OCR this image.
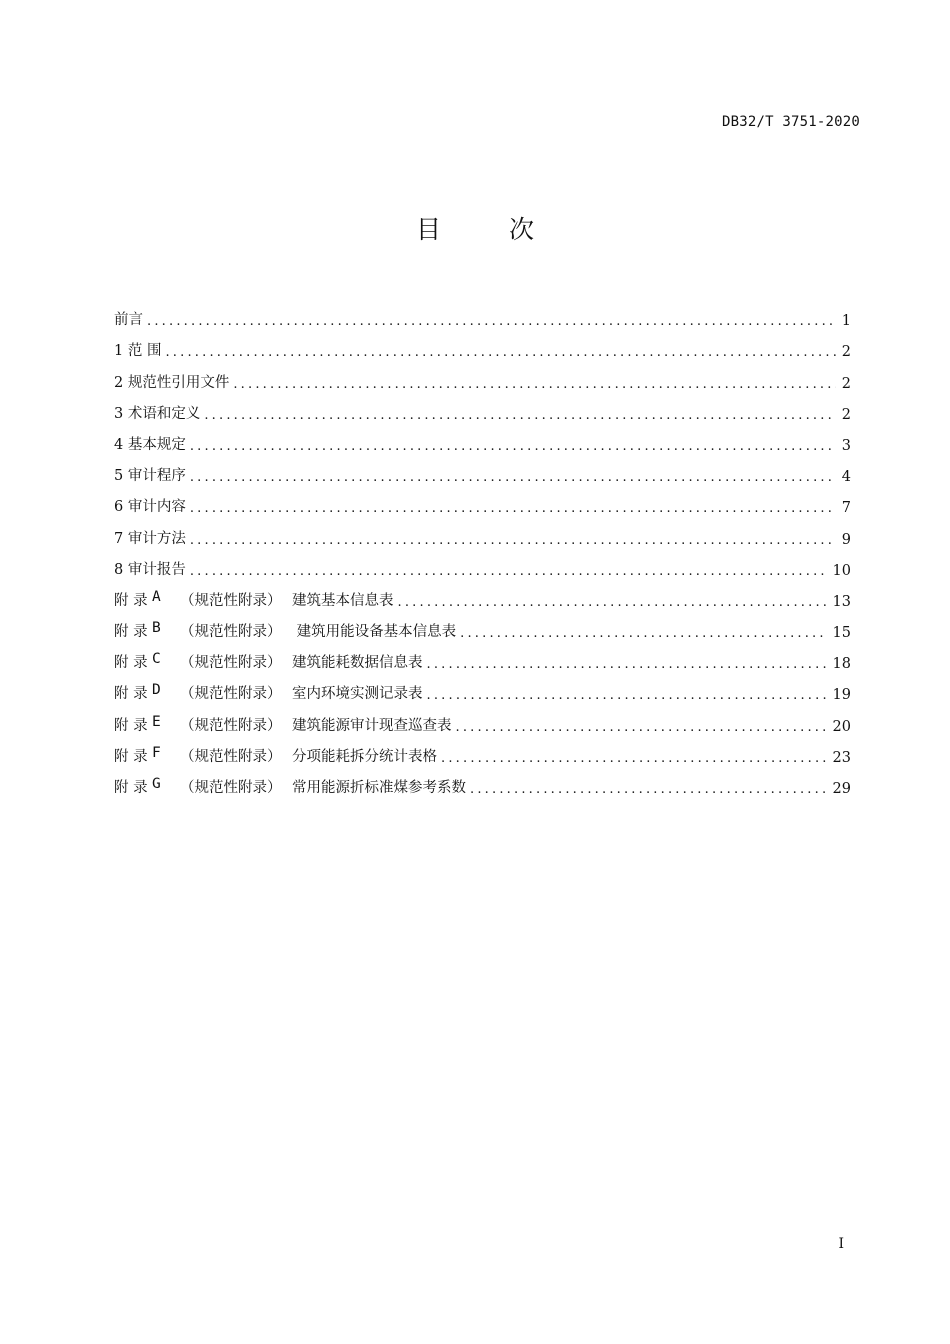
DB32/T 3751-2020
目	次
前言 .....	1
1 范 围 .....	2
2 规范性引用文件 .....	2
3 术语和定义 .....	2
4 基本规定 .....	3
5 审计程序 .....	4
6 审计内容 .....	7
7 审计方法 .....	9
8 审计报告 .....	10
附 录 A	（规范性附录） 建筑基本信息表 .....	13
附 录 B	（规范性附录） 建筑用能设备基本信息表 .....	15
附 录 C	（规范性附录） 建筑能耗数据信息表 .....	18
附 录 D	（规范性附录） 室内环境实测记录表 .....	19
附 录 E	（规范性附录） 建筑能源审计现查巡查表 .....	20
附 录 F	（规范性附录） 分项能耗拆分统计表格 .....	23
附 录 G	（规范性附录） 常用能源折标准煤参考系数 .....	29
I
